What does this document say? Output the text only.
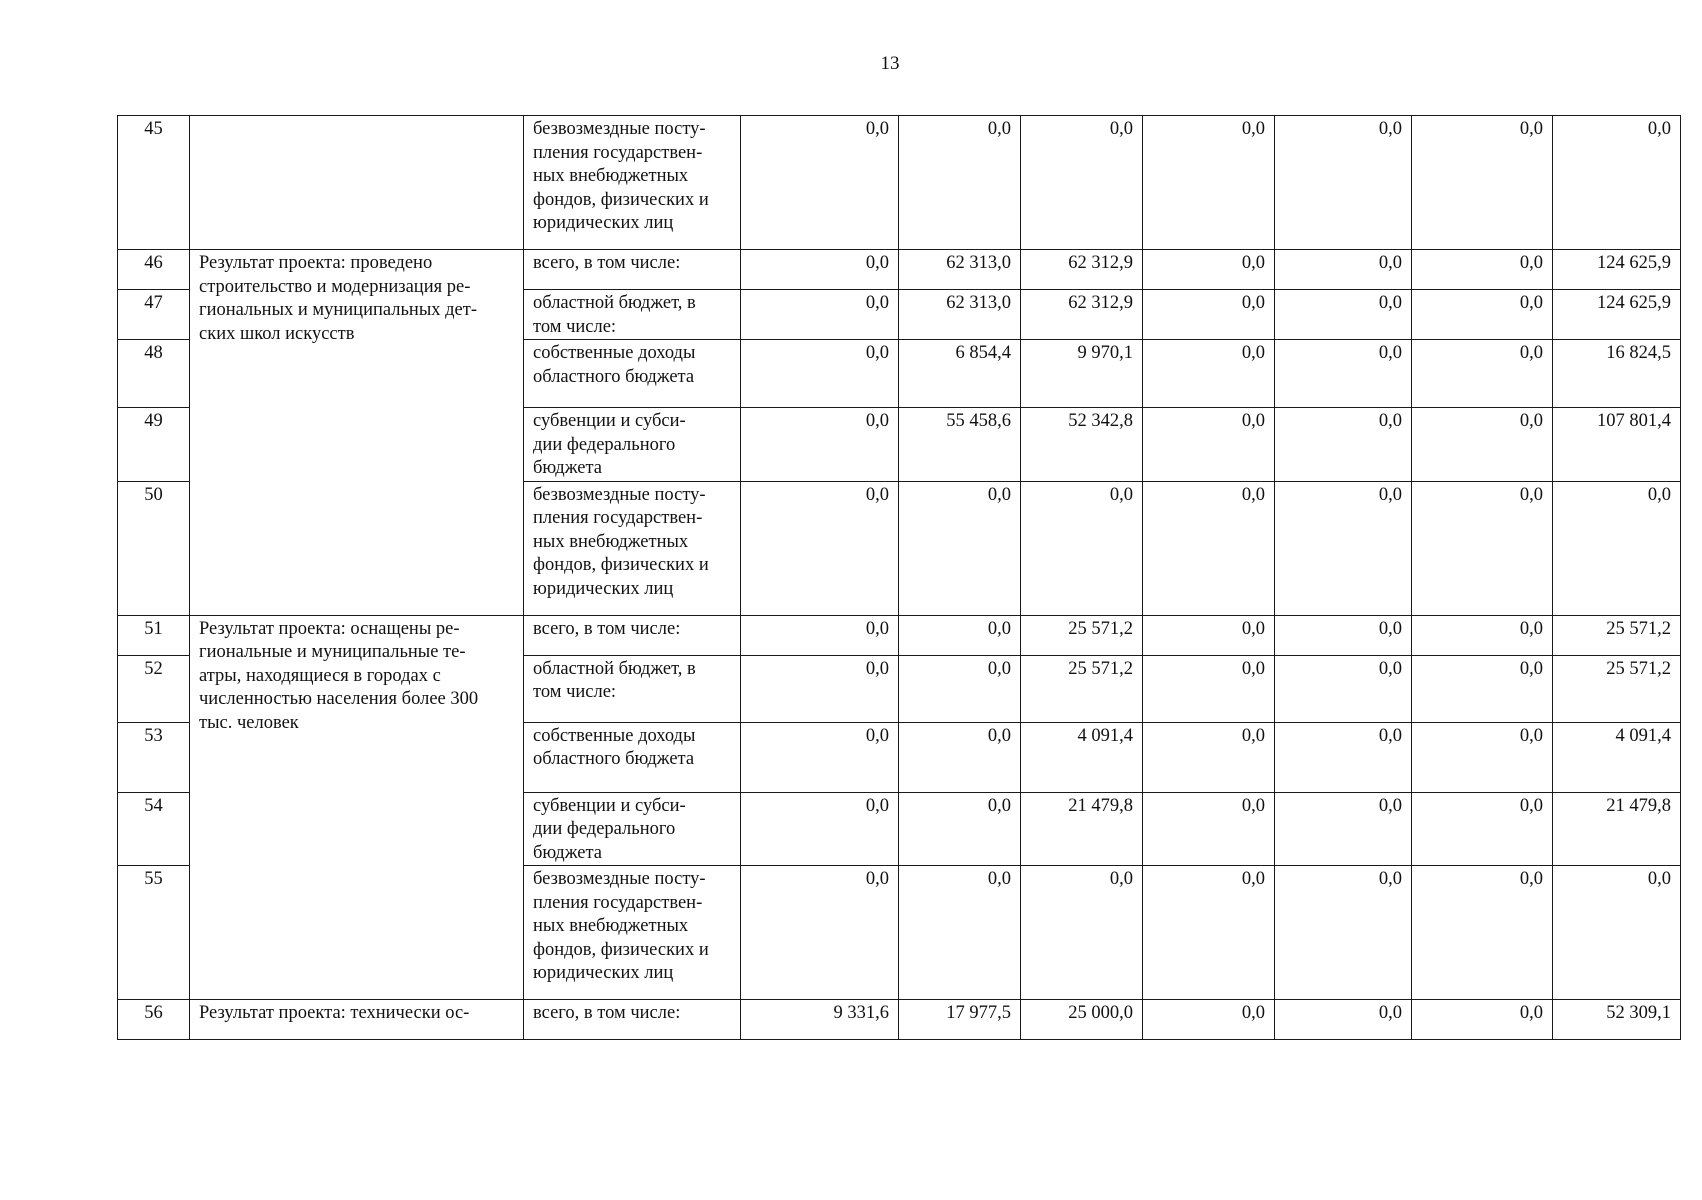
13
45		безвозмездные посту-
пления государствен-
ных внебюджетных
фондов, физических и
юридических лиц	0,0	0,0	0,0	0,0	0,0	0,0	0,0
46	Результат проекта: проведено
строительство и модернизация ре-
гиональных и муниципальных дет-
ских школ искусств	всего, в том числе:	0,0	62 313,0	62 312,9	0,0	0,0	0,0	124 625,9
47		областной бюджет, в
том числе:	0,0	62 313,0	62 312,9	0,0	0,0	0,0	124 625,9
48		собственные доходы
областного бюджета	0,0	6 854,4	9 970,1	0,0	0,0	0,0	16 824,5
49		субвенции и субси-
дии федерального
бюджета	0,0	55 458,6	52 342,8	0,0	0,0	0,0	107 801,4
50		безвозмездные посту-
пления государствен-
ных внебюджетных
фондов, физических и
юридических лиц	0,0	0,0	0,0	0,0	0,0	0,0	0,0
51	Результат проекта: оснащены ре-
гиональные и муниципальные те-
атры, находящиеся в городах с
численностью населения более 300
тыс. человек	всего, в том числе:	0,0	0,0	25 571,2	0,0	0,0	0,0	25 571,2
52		областной бюджет, в
том числе:	0,0	0,0	25 571,2	0,0	0,0	0,0	25 571,2
53		собственные доходы
областного бюджета	0,0	0,0	4 091,4	0,0	0,0	0,0	4 091,4
54		субвенции и субси-
дии федерального
бюджета	0,0	0,0	21 479,8	0,0	0,0	0,0	21 479,8
55		безвозмездные посту-
пления государствен-
ных внебюджетных
фондов, физических и
юридических лиц	0,0	0,0	0,0	0,0	0,0	0,0	0,0
56	Результат проекта: технически ос-	всего, в том числе:	9 331,6	17 977,5	25 000,0	0,0	0,0	0,0	52 309,1
